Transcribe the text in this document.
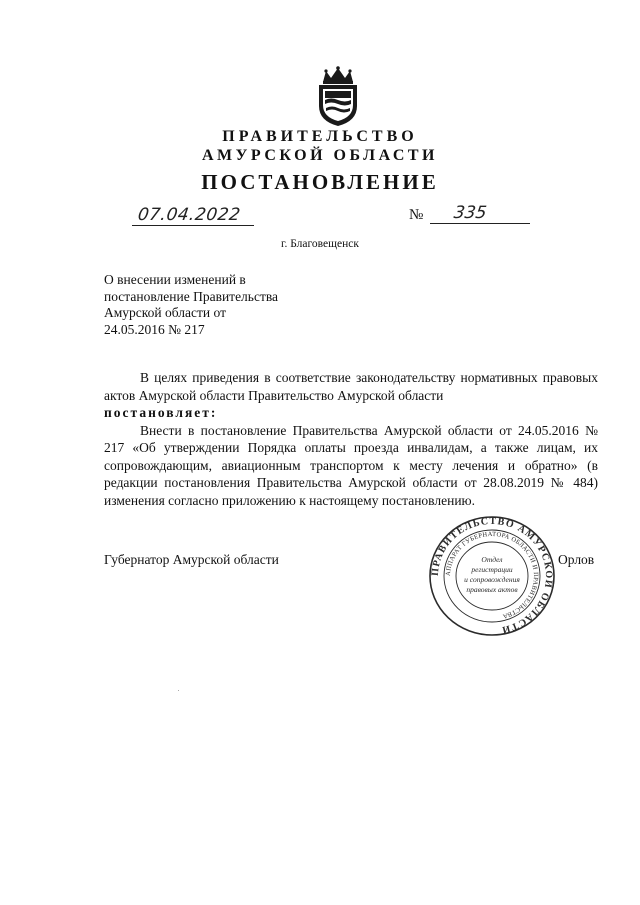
ПРАВИТЕЛЬСТВО
АМУРСКОЙ ОБЛАСТИ
ПОСТАНОВЛЕНИЕ
07.04.2022	№ 335
г. Благовещенск
О внесении изменений в
постановление Правительства
Амурской области от
24.05.2016 № 217

В целях приведения в соответствие законодательству нормативных правовых актов Амурской области Правительство Амурской области

постановляет:

Внести в постановление Правительства Амурской области от 24.05.2016 № 217 «Об утверждении Порядка оплаты проезда инвалидам, а также лицам, их сопровождающим, авиационным транспортом к месту лечения и обратно» (в редакции постановления Правительства Амурской области от 28.08.2019 № 484) изменения согласно приложению к настоящему постановлению.

Губернатор Амурской области	Орлов
ПРАВИТЕЛЬСТВО АМУРСКОЙ ОБЛАСТИ
АППАРАТ ГУБЕРНАТОРА ОБЛАСТИ И ПРАВИТЕЛЬСТВА
Отдел
регистрации
и сопровождения
правовых актов
